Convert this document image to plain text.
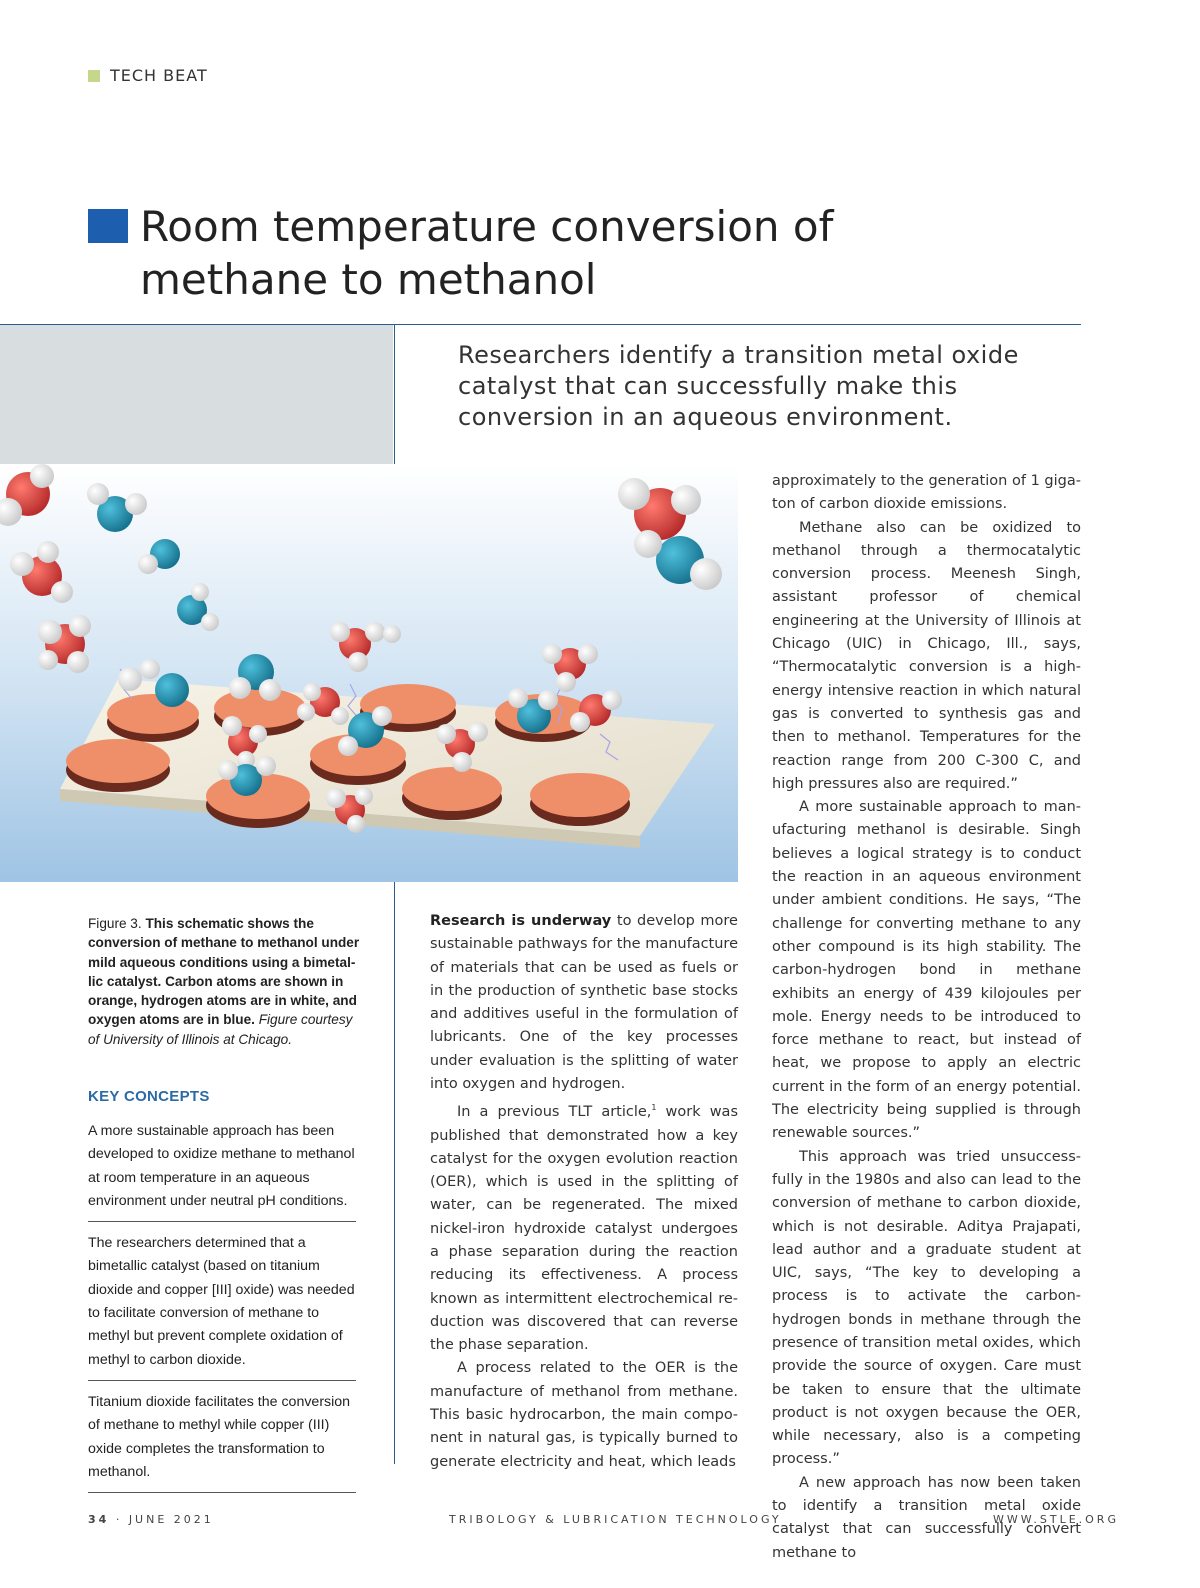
TECH BEAT
Room temperature conversion of methane to methanol
Researchers identify a transition metal oxide catalyst that can successfully make this conversion in an aqueous environment.
Figure 3. This schematic shows the conversion of methane to methanol under mild aqueous conditions using a bimetallic catalyst. Carbon atoms are shown in orange, hydrogen atoms are in white, and oxygen atoms are in blue. Figure courtesy of University of Illinois at Chicago.
KEY CONCEPTS
A more sustainable approach has been developed to oxidize methane to methanol at room temperature in an aqueous environment under neutral pH conditions.
The researchers determined that a bimetallic catalyst (based on titanium dioxide and copper [III] oxide) was needed to facilitate conversion of methane to methyl but prevent complete oxidation of methyl to carbon dioxide.
Titanium dioxide facilitates the conversion of methane to methyl while copper (III) oxide completes the transformation to methanol.

Research is underway to develop more sustainable pathways for the manufacture of materials that can be used as fuels or in the production of synthetic base stocks and additives useful in the formulation of lubricants. One of the key processes under evaluation is the splitting of water into oxygen and hydrogen.

In a previous TLT article,$^1$ work was published that demonstrated how a key catalyst for the oxygen evolution reaction (OER), which is used in the splitting of water, can be regenerated. The mixed nickel-iron hydroxide catalyst undergoes a phase separation during the reaction reducing its effectiveness. A process known as intermittent electrochemical reduction was discovered that can reverse the phase separation.

A process related to the OER is the manufacture of methanol from methane. This basic hydrocarbon, the main component in natural gas, is typically burned to generate electricity and heat, which leads

approximately to the generation of 1 gigaton of carbon dioxide emissions.

Methane also can be oxidized to methanol through a thermocatalytic conversion process. Meenesh Singh, assistant professor of chemical engineering at the University of Illinois at Chicago (UIC) in Chicago, Ill., says, “Thermocatalytic conversion is a high-energy intensive reaction in which natural gas is converted to synthesis gas and then to methanol. Temperatures for the reaction range from 200 C-300 C, and high pressures also are required.”

A more sustainable approach to manufacturing methanol is desirable. Singh believes a logical strategy is to conduct the reaction in an aqueous environment under ambient conditions. He says, “The challenge for converting methane to any other compound is its high stability. The carbon-hydrogen bond in methane exhibits an energy of 439 kilojoules per mole. Energy needs to be introduced to force methane to react, but instead of heat, we propose to apply an electric current in the form of an energy potential. The electricity being supplied is through renewable sources.”

This approach was tried unsuccessfully in the 1980s and also can lead to the conversion of methane to carbon dioxide, which is not desirable. Aditya Prajapati, lead author and a graduate student at UIC, says, “The key to developing a process is to activate the carbon-hydrogen bonds in methane through the presence of transition metal oxides, which provide the source of oxygen. Care must be taken to ensure that the ultimate product is not oxygen because the OER, while necessary, also is a competing process.”

A new approach has now been taken to identify a transition metal oxide catalyst that can successfully convert methane to

34 · JUNE 2021	TRIBOLOGY & LUBRICATION TECHNOLOGY	WWW.STLE.ORG
